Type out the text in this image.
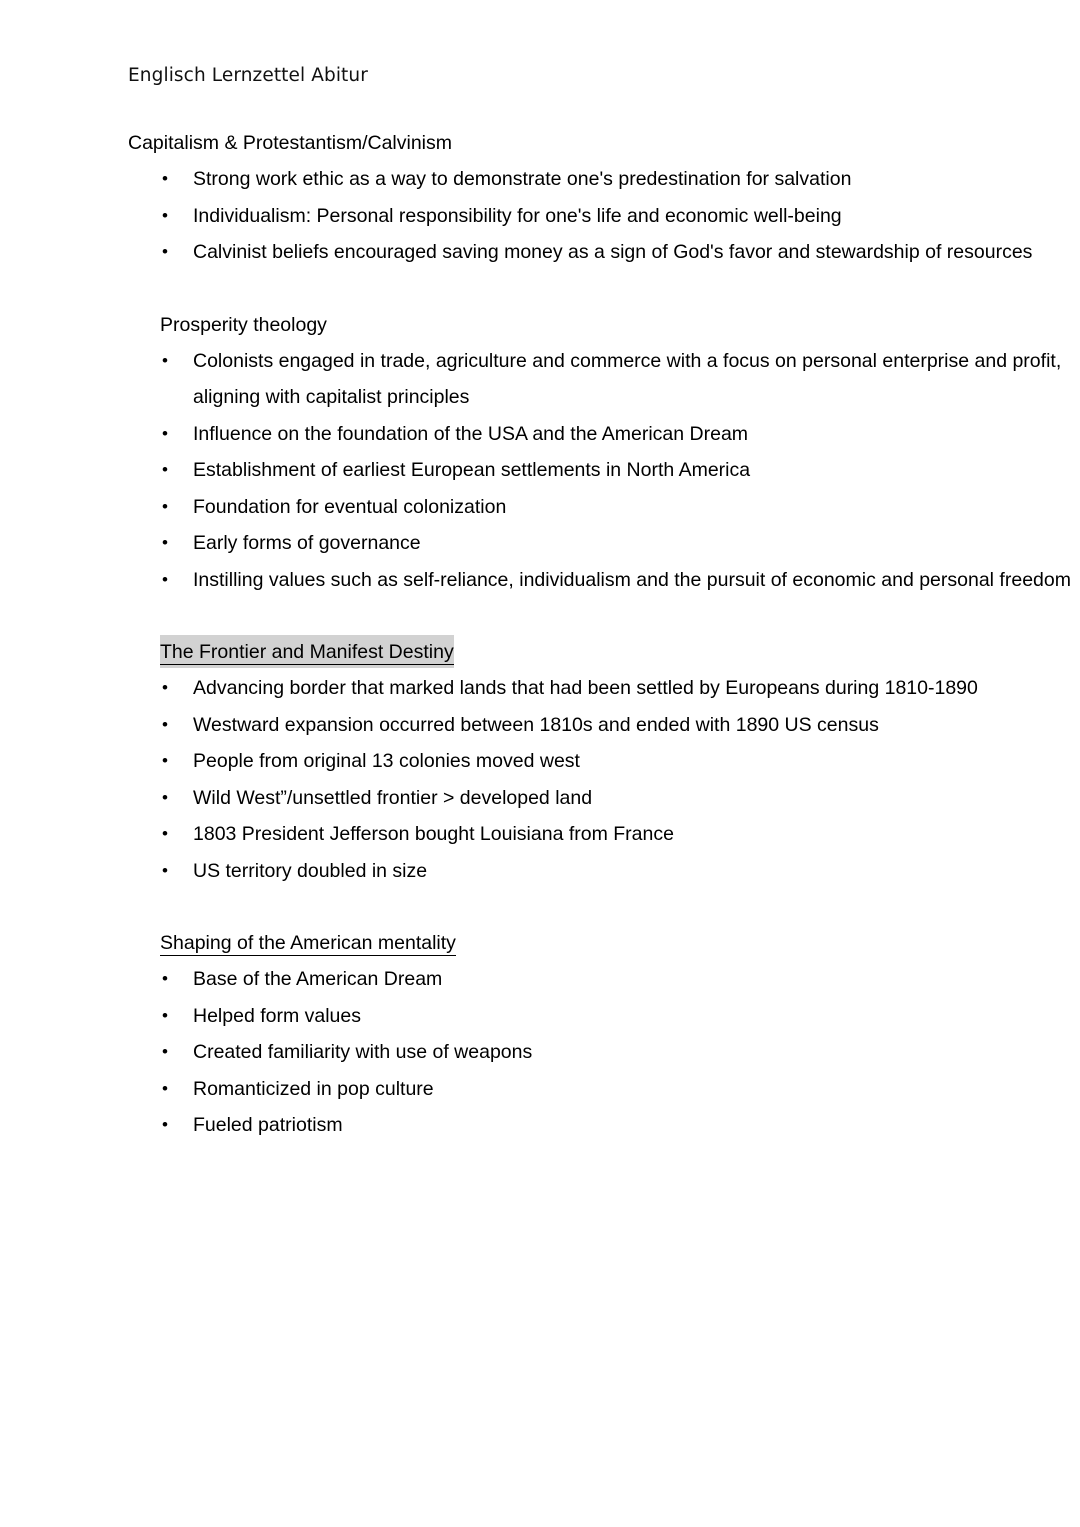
Englisch Lernzettel Abitur
Capitalism & Protestantism/Calvinism
• Strong work ethic as a way to demonstrate one's predestination for salvation
• Individualism: Personal responsibility for one's life and economic well-being
• Calvinist beliefs encouraged saving money as a sign of God's favor and stewardship of resources
Prosperity theology
• Colonists engaged in trade, agriculture and commerce with a focus on personal enterprise and profit, aligning with capitalist principles
• Influence on the foundation of the USA and the American Dream
• Establishment of earliest European settlements in North America
• Foundation for eventual colonization
• Early forms of governance
• Instilling values such as self-reliance, individualism and the pursuit of economic and personal freedom
The Frontier and Manifest Destiny
• Advancing border that marked lands that had been settled by Europeans during 1810-1890
• Westward expansion occurred between 1810s and ended with 1890 US census
• People from original 13 colonies moved west
• Wild West”/unsettled frontier > developed land
• 1803 President Jefferson bought Louisiana from France
• US territory doubled in size
Shaping of the American mentality
• Base of the American Dream
• Helped form values
• Created familiarity with use of weapons
• Romanticized in pop culture
• Fueled patriotism
